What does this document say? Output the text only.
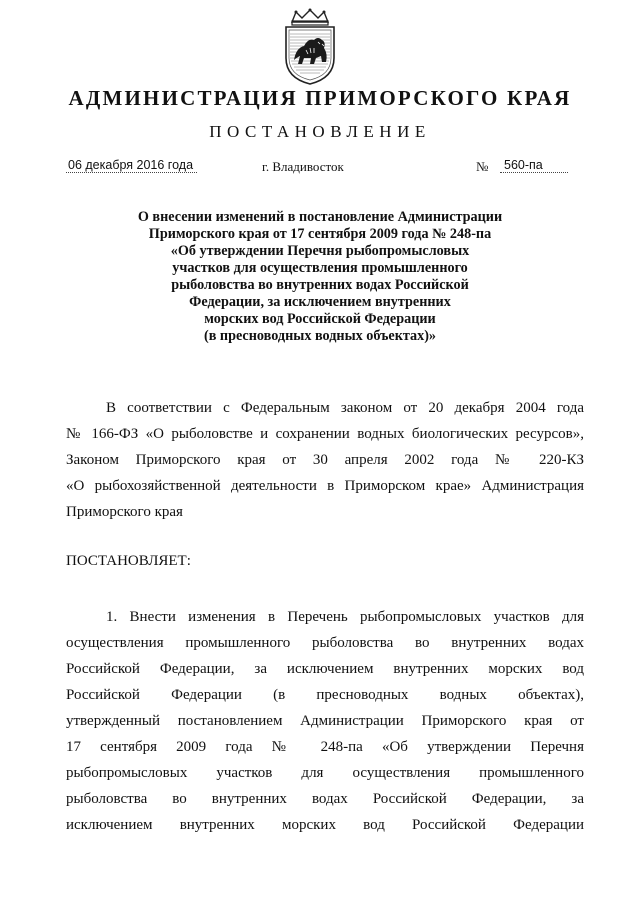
АДМИНИСТРАЦИЯ ПРИМОРСКОГО КРАЯ
ПОСТАНОВЛЕНИЕ
06 декабря 2016 года	г. Владивосток	№	560-па
О внесении изменений в постановление Администрации
Приморского края от 17 сентября 2009 года № 248-па
«Об утверждении Перечня рыбопромысловых
участков для осуществления промышленного
рыболовства во внутренних водах Российской
Федерации, за исключением внутренних
морских вод Российской Федерации
(в пресноводных водных объектах)»
В соответствии с Федеральным законом от 20 декабря 2004 года
№ 166-ФЗ «О рыболовстве и сохранении водных биологических ресурсов»,
Законом Приморского края от 30 апреля 2002 года № 220-КЗ
«О рыбохозяйственной деятельности в Приморском крае» Администрация
Приморского края
ПОСТАНОВЛЯЕТ:
1. Внести изменения в Перечень рыбопромысловых участков для
осуществления промышленного рыболовства во внутренних водах
Российской Федерации, за исключением внутренних морских вод
Российской Федерации (в пресноводных водных объектах),
утвержденный постановлением Администрации Приморского края от
17 сентября 2009 года № 248-па «Об утверждении Перечня
рыбопромысловых участков для осуществления промышленного
рыболовства во внутренних водах Российской Федерации, за
исключением внутренних морских вод Российской Федерации
